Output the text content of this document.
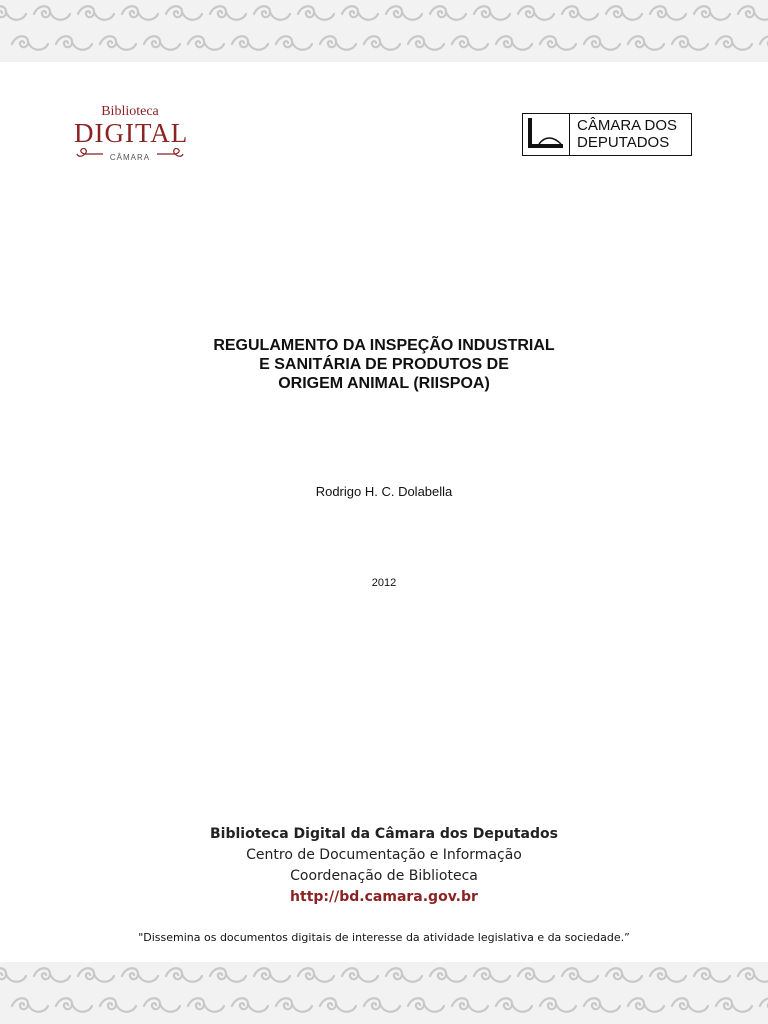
Biblioteca
DIGITAL
CÂMARA
CÂMARA DOS
DEPUTADOS
REGULAMENTO DA INSPEÇÃO INDUSTRIAL
E SANITÁRIA DE PRODUTOS DE
ORIGEM ANIMAL (RIISPOA)
Rodrigo H. C. Dolabella
2012
Biblioteca Digital da Câmara dos Deputados
Centro de Documentação e Informação
Coordenação de Biblioteca
http://bd.camara.gov.br
"Dissemina os documentos digitais de interesse da atividade legislativa e da sociedade.”
